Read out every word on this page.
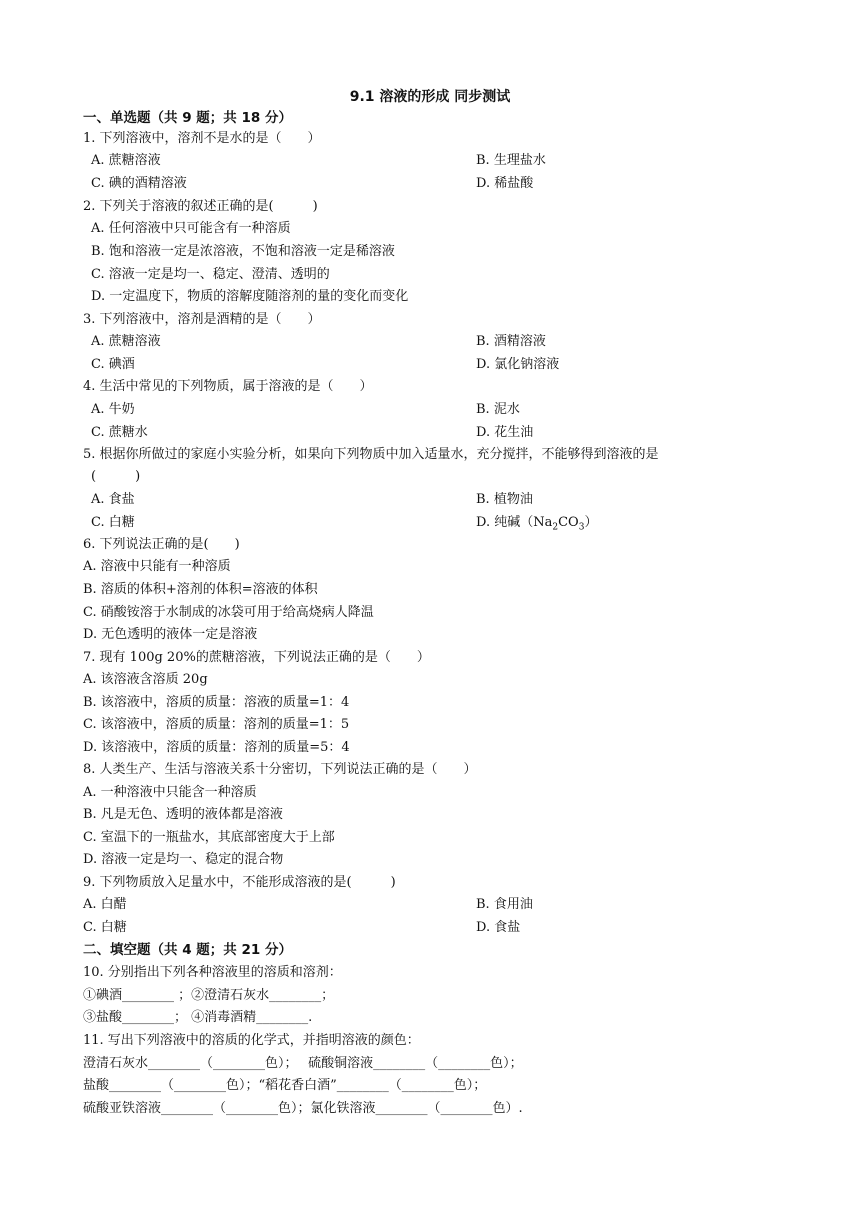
9.1 溶液的形成 同步测试
一、单选题（共 9 题；共 18 分）
1. 下列溶液中，溶剂不是水的是（　　）
A. 蔗糖溶液	B. 生理盐水
C. 碘的酒精溶液	D. 稀盐酸
2. 下列关于溶液的叙述正确的是(　　　)
A. 任何溶液中只可能含有一种溶质
B. 饱和溶液一定是浓溶液，不饱和溶液一定是稀溶液
C. 溶液一定是均一、稳定、澄清、透明的
D. 一定温度下，物质的溶解度随溶剂的量的变化而变化
3. 下列溶液中，溶剂是酒精的是（　　）
A. 蔗糖溶液	B. 酒精溶液
C. 碘酒	D. 氯化钠溶液
4. 生活中常见的下列物质，属于溶液的是（　　）
A. 牛奶	B. 泥水
C. 蔗糖水	D. 花生油
5. 根据你所做过的家庭小实验分析，如果向下列物质中加入适量水，充分搅拌，不能够得到溶液的是
(　　　)
A. 食盐	B. 植物油
C. 白糖	D. 纯碱$(Na_2CO_3)$
6. 下列说法正确的是(　　)
A. 溶液中只能有一种溶质
B. 溶质的体积+溶剂的体积=溶液的体积
C. 硝酸铵溶于水制成的冰袋可用于给高烧病人降温
D. 无色透明的液体一定是溶液
7. 现有 100g 20%的蔗糖溶液，下列说法正确的是（　　）
A. 该溶液含溶质 20g
B. 该溶液中，溶质的质量：溶液的质量=1：4
C. 该溶液中，溶质的质量：溶剂的质量=1：5
D. 该溶液中，溶质的质量：溶剂的质量=5：4
8. 人类生产、生活与溶液关系十分密切，下列说法正确的是（　　）
A. 一种溶液中只能含一种溶质
B. 凡是无色、透明的液体都是溶液
C. 室温下的一瓶盐水，其底部密度大于上部
D. 溶液一定是均一、稳定的混合物
9. 下列物质放入足量水中，不能形成溶液的是(　　　)
A. 白醋	B. 食用油
C. 白糖	D. 食盐
二、填空题（共 4 题；共 21 分）
10. 分别指出下列各种溶液里的溶质和溶剂：
①碘酒________ ；②澄清石灰水________；
③盐酸________； ④消毒酒精________.
11. 写出下列溶液中的溶质的化学式，并指明溶液的颜色：
澄清石灰水________（________色）；　 硫酸铜溶液________（________色）；
盐酸________（________色）；“稻花香白酒”________（________色）；
硫酸亚铁溶液________（________色）；氯化铁溶液________（________色）.
